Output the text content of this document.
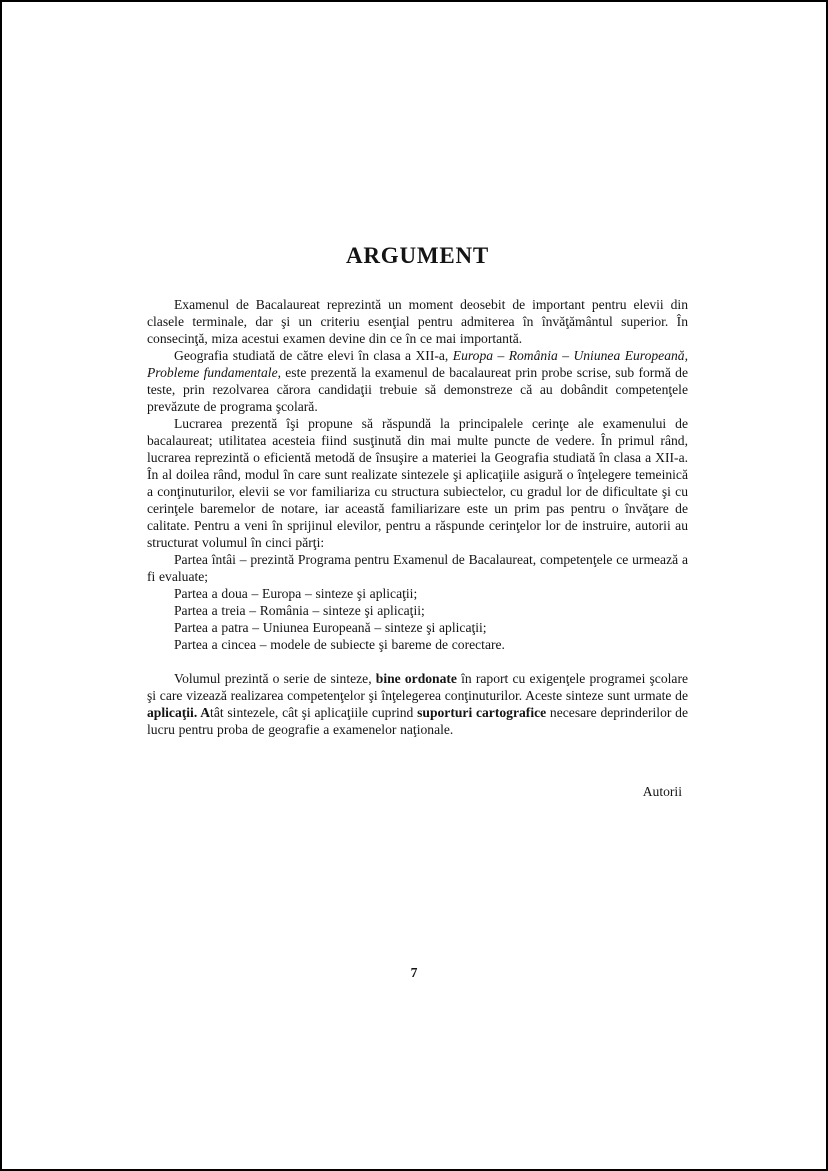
ARGUMENT

Examenul de Bacalaureat reprezintă un moment deosebit de important pentru elevii din clasele terminale, dar şi un criteriu esenţial pentru admiterea în învăţământul superior. În consecinţă, miza acestui examen devine din ce în ce mai importantă.

Geografia studiată de către elevi în clasa a XII-a, Europa – România – Uniunea Europeană, Probleme fundamentale, este prezentă la examenul de bacalaureat prin probe scrise, sub formă de teste, prin rezolvarea cărora candidaţii trebuie să demonstreze că au dobândit competenţele prevăzute de programa şcolară.

Lucrarea prezentă îşi propune să răspundă la principalele cerinţe ale examenului de bacalaureat; utilitatea acesteia fiind susţinută din mai multe puncte de vedere. În primul rând, lucrarea reprezintă o eficientă metodă de însuşire a materiei la Geografia studiată în clasa a XII-a. În al doilea rând, modul în care sunt realizate sintezele şi aplicaţiile asigură o înţelegere temeinică a conţinuturilor, elevii se vor familiariza cu structura subiectelor, cu gradul lor de dificultate şi cu cerinţele baremelor de notare, iar această familiarizare este un prim pas pentru o învăţare de calitate. Pentru a veni în sprijinul elevilor, pentru a răspunde cerinţelor lor de instruire, autorii au structurat volumul în cinci părţi:

Partea întâi – prezintă Programa pentru Examenul de Bacalaureat, competenţele ce urmează a fi evaluate;

Partea a doua – Europa – sinteze şi aplicaţii;

Partea a treia – România – sinteze şi aplicaţii;

Partea a patra – Uniunea Europeană – sinteze şi aplicaţii;

Partea a cincea – modele de subiecte şi bareme de corectare.

Volumul prezintă o serie de sinteze, bine ordonate în raport cu exigenţele programei şcolare şi care vizează realizarea competenţelor şi înţelegerea conţinuturilor. Aceste sinteze sunt urmate de aplicaţii. Atât sintezele, cât şi aplicaţiile cuprind suporturi cartografice necesare deprinderilor de lucru pentru proba de geografie a examenelor naţionale.

Autorii
7
